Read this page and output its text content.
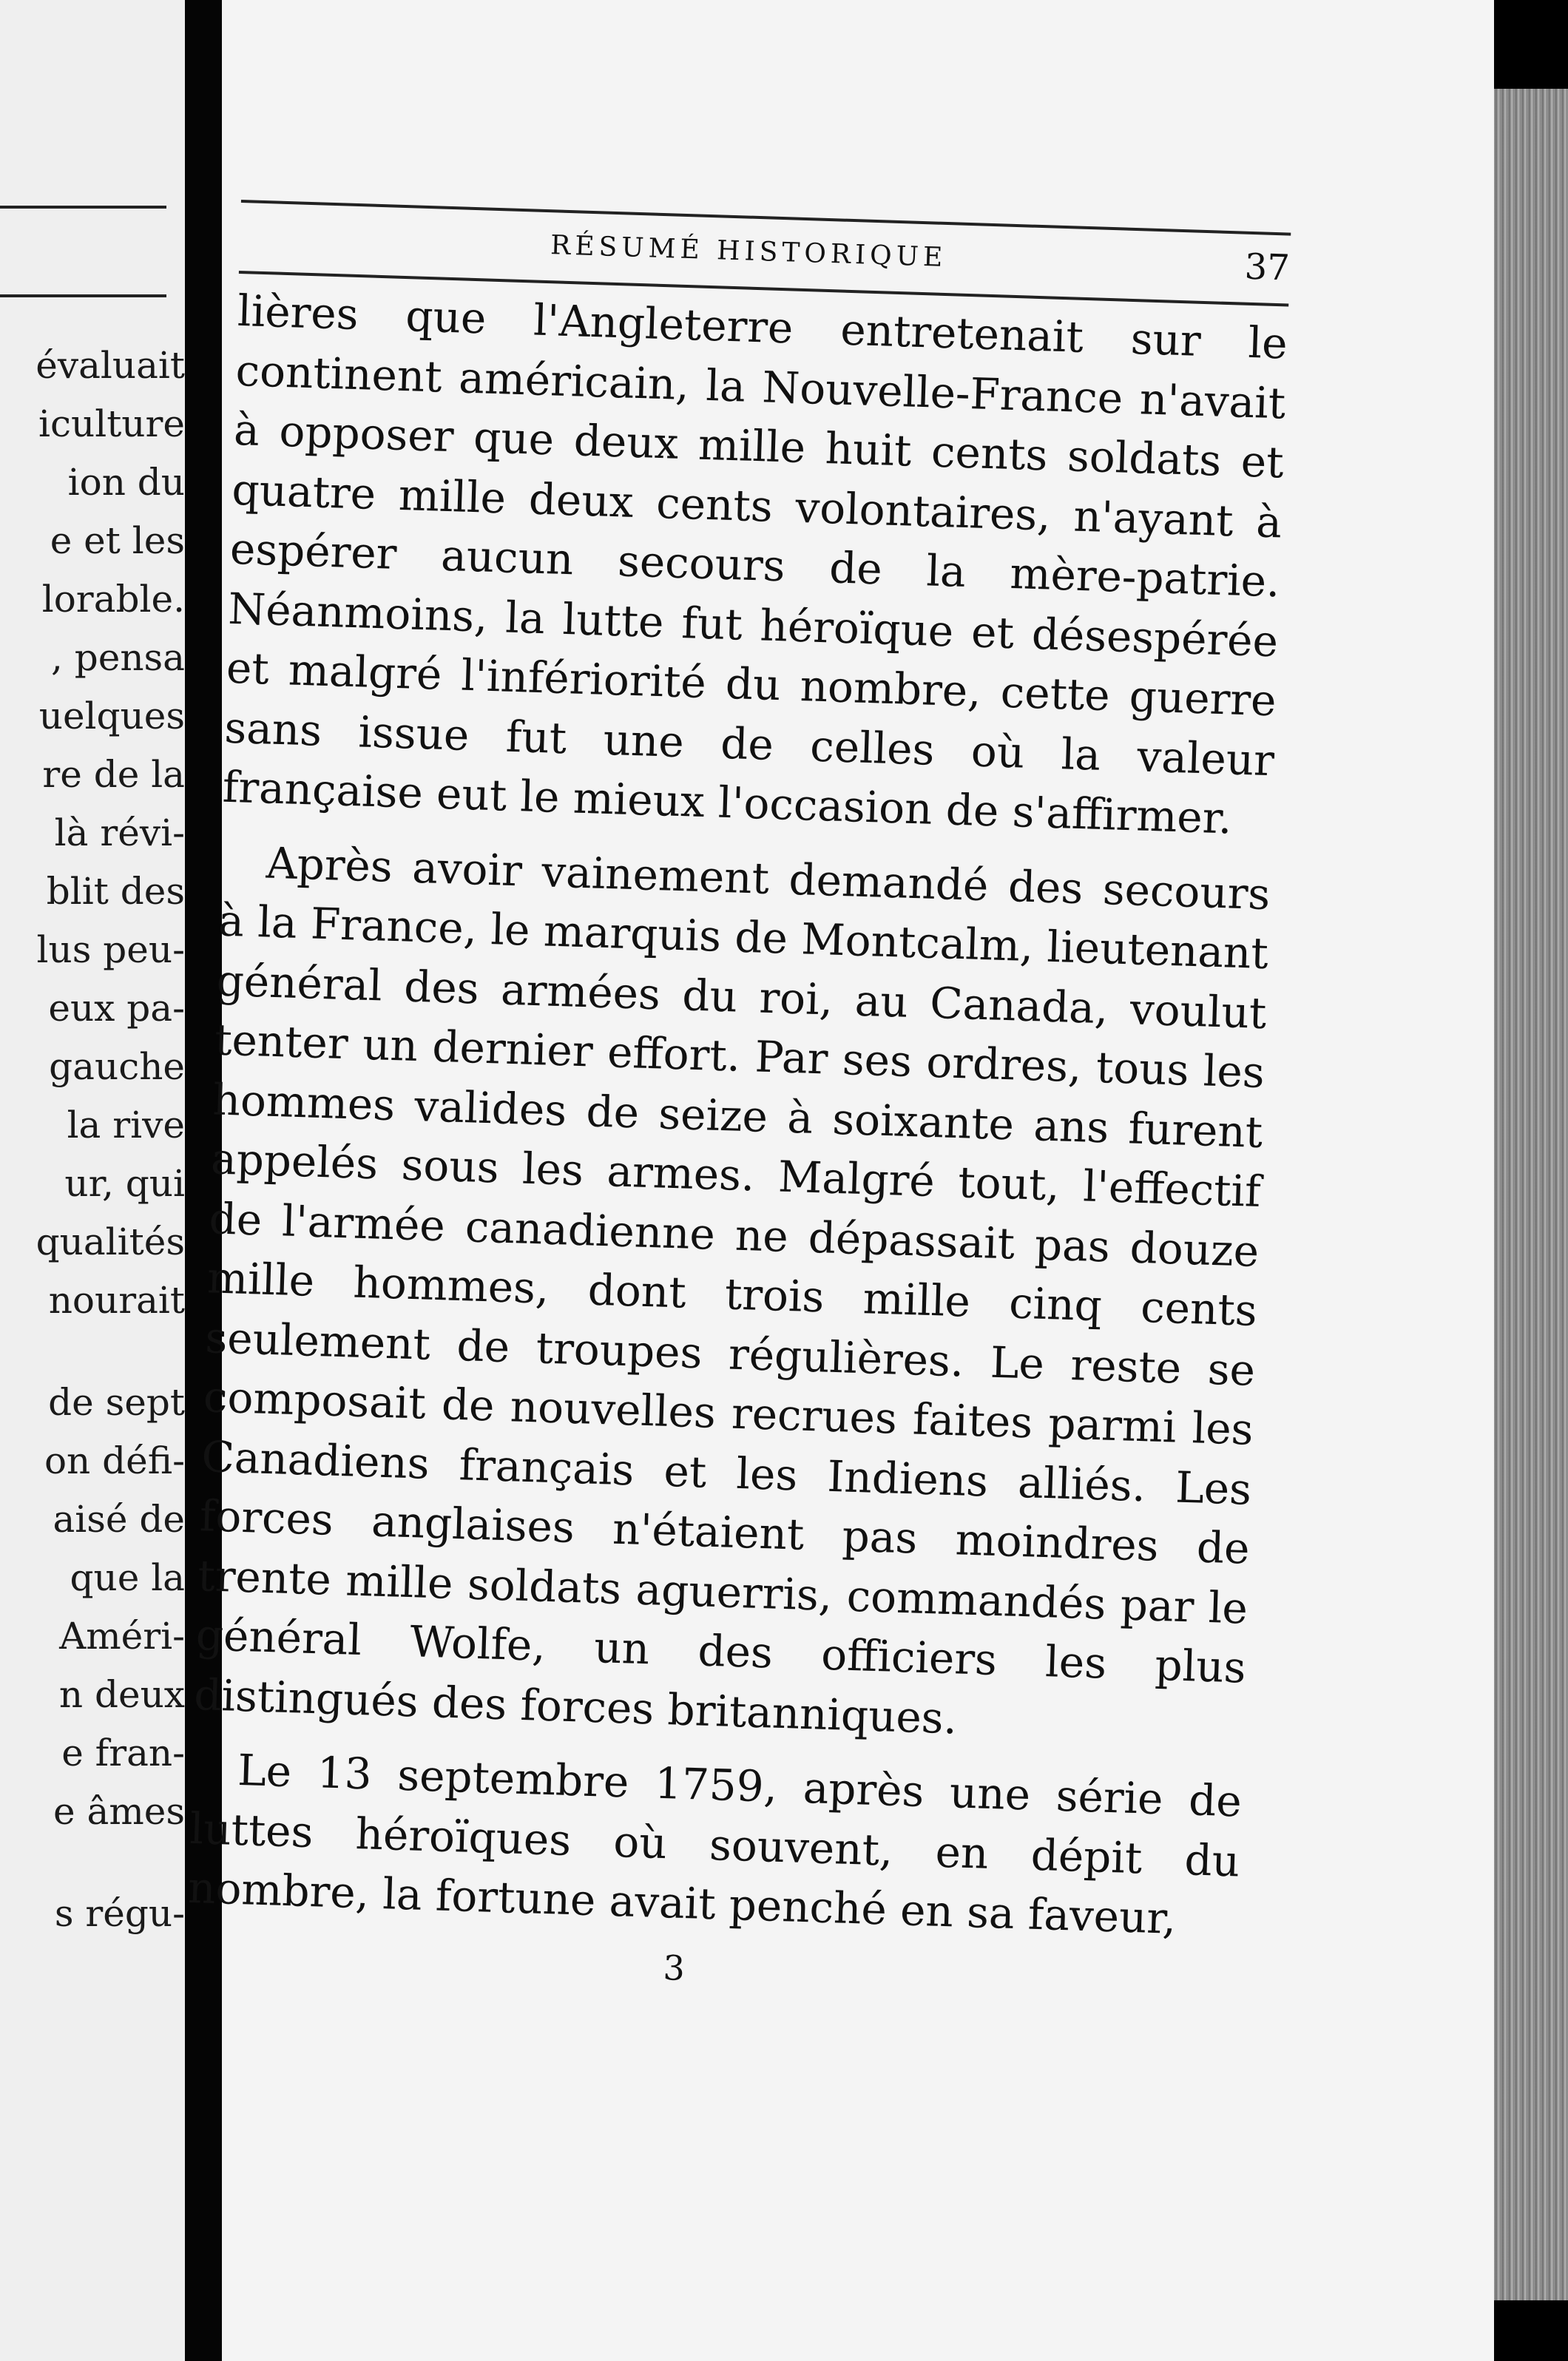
évaluait
iculture
ion du
e et les
lorable.
, pensa
uelques
re de la
là révi-
blit des
lus peu-
eux pa-
gauche
la rive
ur, qui
qualités
nourait
de sept
on défi-
aisé de
que la
Améri-
n deux
e fran-
e âmes
s régu-
RÉSUMÉ HISTORIQUE	37

lières que l'Angleterre entretenait sur le continent américain, la Nouvelle-France n'avait à opposer que deux mille huit cents soldats et quatre mille deux cents volontaires, n'ayant à espérer aucun secours de la mère-patrie. Néanmoins, la lutte fut héroïque et désespérée et malgré l'infériorité du nombre, cette guerre sans issue fut une de celles où la valeur française eut le mieux l'occasion de s'affirmer.

Après avoir vainement demandé des secours à la France, le marquis de Montcalm, lieutenant général des armées du roi, au Canada, voulut tenter un dernier effort. Par ses ordres, tous les hommes valides de seize à soixante ans furent appelés sous les armes. Malgré tout, l'effectif de l'armée canadienne ne dépassait pas douze mille hommes, dont trois mille cinq cents seulement de troupes régulières. Le reste se composait de nouvelles recrues faites parmi les Canadiens français et les Indiens alliés. Les forces anglaises n'étaient pas moindres de trente mille soldats aguerris, commandés par le général Wolfe, un des officiers les plus distingués des forces britanniques.

Le 13 septembre 1759, après une série de luttes héroïques où souvent, en dépit du nombre, la fortune avait penché en sa faveur,

3
